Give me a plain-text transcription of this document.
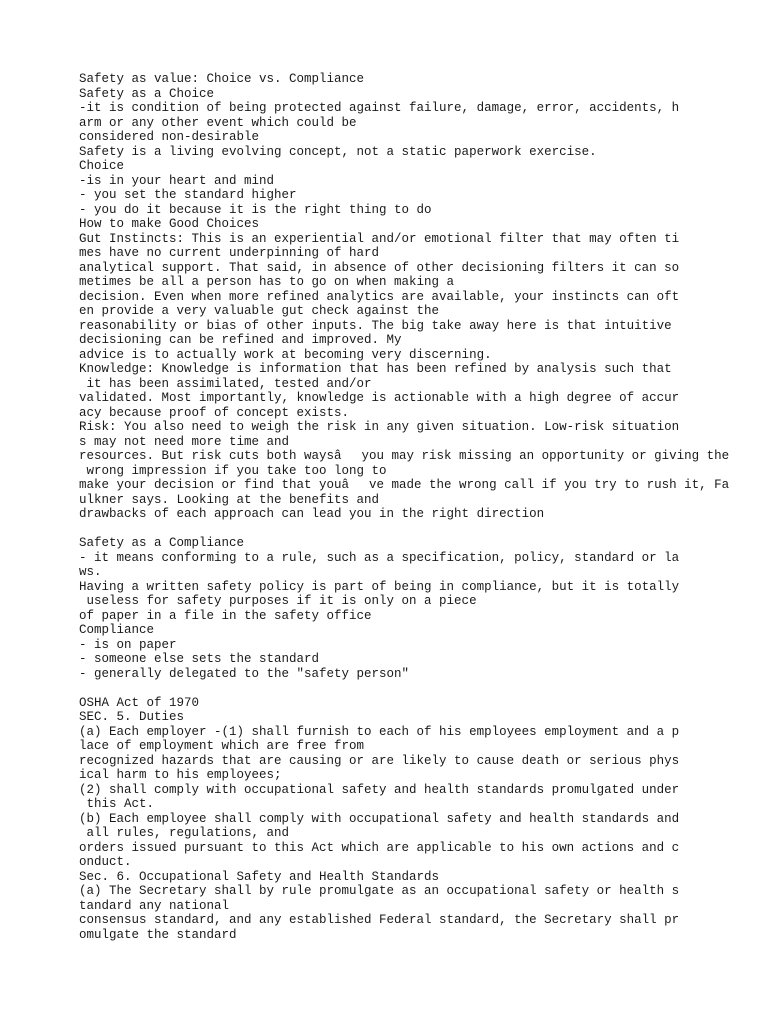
Safety as value: Choice vs. Compliance
Safety as a Choice
-it is condition of being protected against failure, damage, error, accidents, h
arm or any other event which could be
considered non-desirable
Safety is a living evolving concept, not a static paperwork exercise.
Choice
-is in your heart and mind
- you set the standard higher
- you do it because it is the right thing to do
How to make Good Choices
Gut Instincts: This is an experiential and/or emotional filter that may often ti
mes have no current underpinning of hard
analytical support. That said, in absence of other decisioning filters it can so
metimes be all a person has to go on when making a
decision. Even when more refined analytics are available, your instincts can oft
en provide a very valuable gut check against the
reasonability or bias of other inputs. The big take away here is that intuitive
decisioning can be refined and improved. My
advice is to actually work at becoming very discerning.
Knowledge: Knowledge is information that has been refined by analysis such that
it has been assimilated, tested and/or
validated. Most importantly, knowledge is actionable with a high degree of accur
acy because proof of concept exists.
Risk: You also need to weigh the risk in any given situation. Low-risk situation
s may not need more time and
resources. But risk cuts both waysâyou may risk missing an opportunity or giving the
wrong impression if you take too long to
make your decision or find that youâve made the wrong call if you try to rush it, Fa
ulkner says. Looking at the benefits and
drawbacks of each approach can lead you in the right direction

Safety as a Compliance
- it means conforming to a rule, such as a specification, policy, standard or la
ws.
Having a written safety policy is part of being in compliance, but it is totally
useless for safety purposes if it is only on a piece
of paper in a file in the safety office
Compliance
- is on paper
- someone else sets the standard
- generally delegated to the "safety person"

OSHA Act of 1970
SEC. 5. Duties
(a) Each employer -(1) shall furnish to each of his employees employment and a p
lace of employment which are free from
recognized hazards that are causing or are likely to cause death or serious phys
ical harm to his employees;
(2) shall comply with occupational safety and health standards promulgated under
this Act.
(b) Each employee shall comply with occupational safety and health standards and
all rules, regulations, and
orders issued pursuant to this Act which are applicable to his own actions and c
onduct.
Sec. 6. Occupational Safety and Health Standards
(a) The Secretary shall by rule promulgate as an occupational safety or health s
tandard any national
consensus standard, and any established Federal standard, the Secretary shall pr
omulgate the standard
